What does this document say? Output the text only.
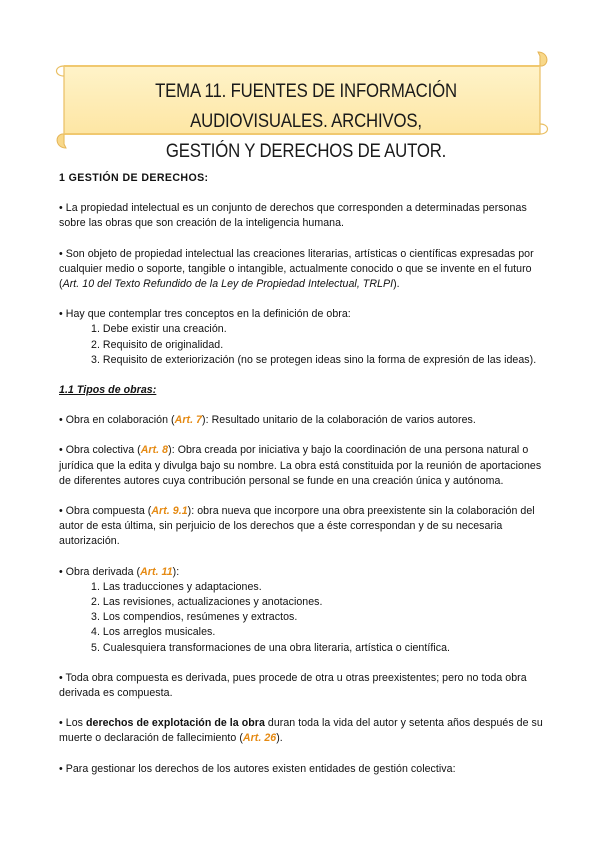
TEMA 11. FUENTES DE INFORMACIÓN AUDIOVISUALES. ARCHIVOS,
GESTIÓN Y DERECHOS DE AUTOR.

1 GESTIÓN DE DERECHOS:

• La propiedad intelectual es un conjunto de derechos que corresponden a determinadas personas sobre las obras que son creación de la inteligencia humana.

• Son objeto de propiedad intelectual las creaciones literarias, artísticas o científicas expresadas por cualquier medio o soporte, tangible o intangible, actualmente conocido o que se invente en el futuro (Art. 10 del Texto Refundido de la Ley de Propiedad Intelectual, TRLPI).

• Hay que contemplar tres conceptos en la definición de obra:

1. Debe existir una creación.
2. Requisito de originalidad.
3. Requisito de exteriorización (no se protegen ideas sino la forma de expresión de las ideas).

1.1 Tipos de obras:

• Obra en colaboración (Art. 7): Resultado unitario de la colaboración de varios autores.

• Obra colectiva (Art. 8): Obra creada por iniciativa y bajo la coordinación de una persona natural o jurídica que la edita y divulga bajo su nombre. La obra está constituida por la reunión de aportaciones de diferentes autores cuya contribución personal se funde en una creación única y autónoma.

• Obra compuesta (Art. 9.1): obra nueva que incorpore una obra preexistente sin la colaboración del autor de esta última, sin perjuicio de los derechos que a éste correspondan y de su necesaria autorización.

• Obra derivada (Art. 11):

1. Las traducciones y adaptaciones.
2. Las revisiones, actualizaciones y anotaciones.
3. Los compendios, resúmenes y extractos.
4. Los arreglos musicales.
5. Cualesquiera transformaciones de una obra literaria, artística o científica.

• Toda obra compuesta es derivada, pues procede de otra u otras preexistentes; pero no toda obra derivada es compuesta.

• Los derechos de explotación de la obra duran toda la vida del autor y setenta años después de su muerte o declaración de fallecimiento (Art. 26).

• Para gestionar los derechos de los autores existen entidades de gestión colectiva:
